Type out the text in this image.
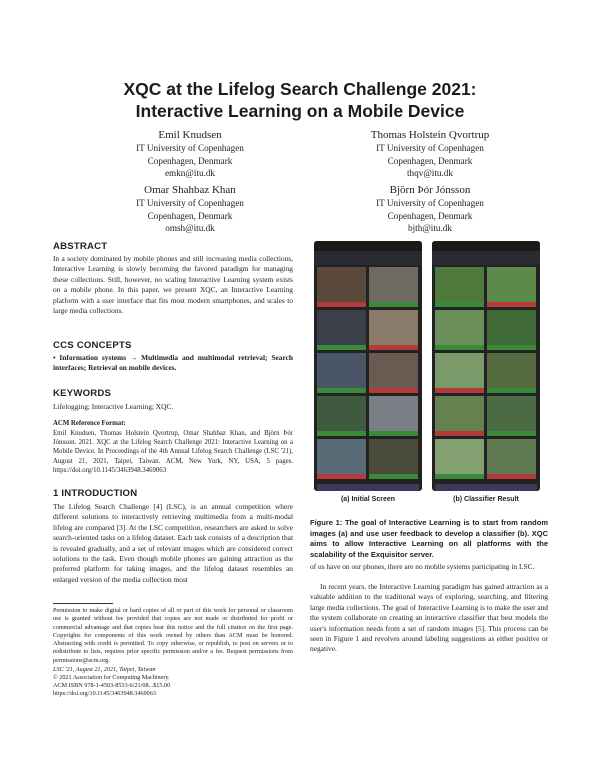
XQC at the Lifelog Search Challenge 2021:
Interactive Learning on a Mobile Device
Emil Knudsen
IT University of Copenhagen
Copenhagen, Denmark
emkn@itu.dk
Thomas Holstein Qvortrup
IT University of Copenhagen
Copenhagen, Denmark
thqv@itu.dk
Omar Shahbaz Khan
IT University of Copenhagen
Copenhagen, Denmark
omsh@itu.dk
Björn Þór Jónsson
IT University of Copenhagen
Copenhagen, Denmark
bjth@itu.dk
ABSTRACT
In a society dominated by mobile phones and still increasing media collections, Interactive Learning is slowly becoming the favored paradigm for managing these collections. Still, however, no scaling Interactive Learning system exists on a mobile phone. In this paper, we present XQC, an Interactive Learning platform with a user interface that fits most modern smartphones, and scales to large media collections.
CCS CONCEPTS
• Information systems → Multimedia and multimodal retrieval; Search interfaces; Retrieval on mobile devices.
KEYWORDS
Lifelogging; Interactive Learning; XQC.
ACM Reference Format:
Emil Knudsen, Thomas Holstein Qvortrup, Omar Shahbaz Khan, and Björn Þór Jónsson. 2021. XQC at the Lifelog Search Challenge 2021: Interactive Learning on a Mobile Device. In Proceedings of the 4th Annual Lifelog Search Challenge (LSC '21), August 21, 2021, Taipei, Taiwan. ACM, New York, NY, USA, 5 pages. https://doi.org/10.1145/3463948.3469063
1 INTRODUCTION
The Lifelog Search Challenge [4] (LSC), is an annual competition where different solutions to interactively retrieving multimedia from a multi-modal lifelog are compared [3]. At the LSC competition, researchers are asked to solve search-oriented tasks on a lifelog dataset. Each task consists of a description that is revealed gradually, and a set of relevant images which are considered correct solutions to the task. Even though mobile phones are gaining attraction as the preferred platform for taking images, and the lifelog dataset resembles an enlarged version of the media collection most
Permission to make digital or hard copies of all or part of this work for personal or classroom use is granted without fee provided that copies are not made or distributed for profit or commercial advantage and that copies bear this notice and the full citation on the first page. Copyrights for components of this work owned by others than ACM must be honored. Abstracting with credit is permitted. To copy otherwise, or republish, to post on servers or to redistribute to lists, requires prior specific permission and/or a fee. Request permissions from permissions@acm.org.
LSC '21, August 21, 2021, Taipei, Taiwan
© 2021 Association for Computing Machinery.
ACM ISBN 978-1-4503-8533-6/21/08...$15.00
https://doi.org/10.1145/3463948.3469063
(a) Initial Screen	(b) Classifier Result
Figure 1: The goal of Interactive Learning is to start from random images (a) and use user feedback to develop a classifier (b). XQC aims to allow Interactive Learning on all platforms with the scalability of the Exquisitor server.
of us have on our phones, there are no mobile systems participating in LSC.
In recent years, the Interactive Learning paradigm has gained attraction as a valuable addition to the traditional ways of exploring, searching, and filtering large media collections. The goal of Interactive Learning is to make the user and the system collaborate on creating an interactive classifier that best models the user's information needs from a set of random images [5]. This process can be seen in Figure 1 and revolves around labeling suggestions as either positive or negative.
